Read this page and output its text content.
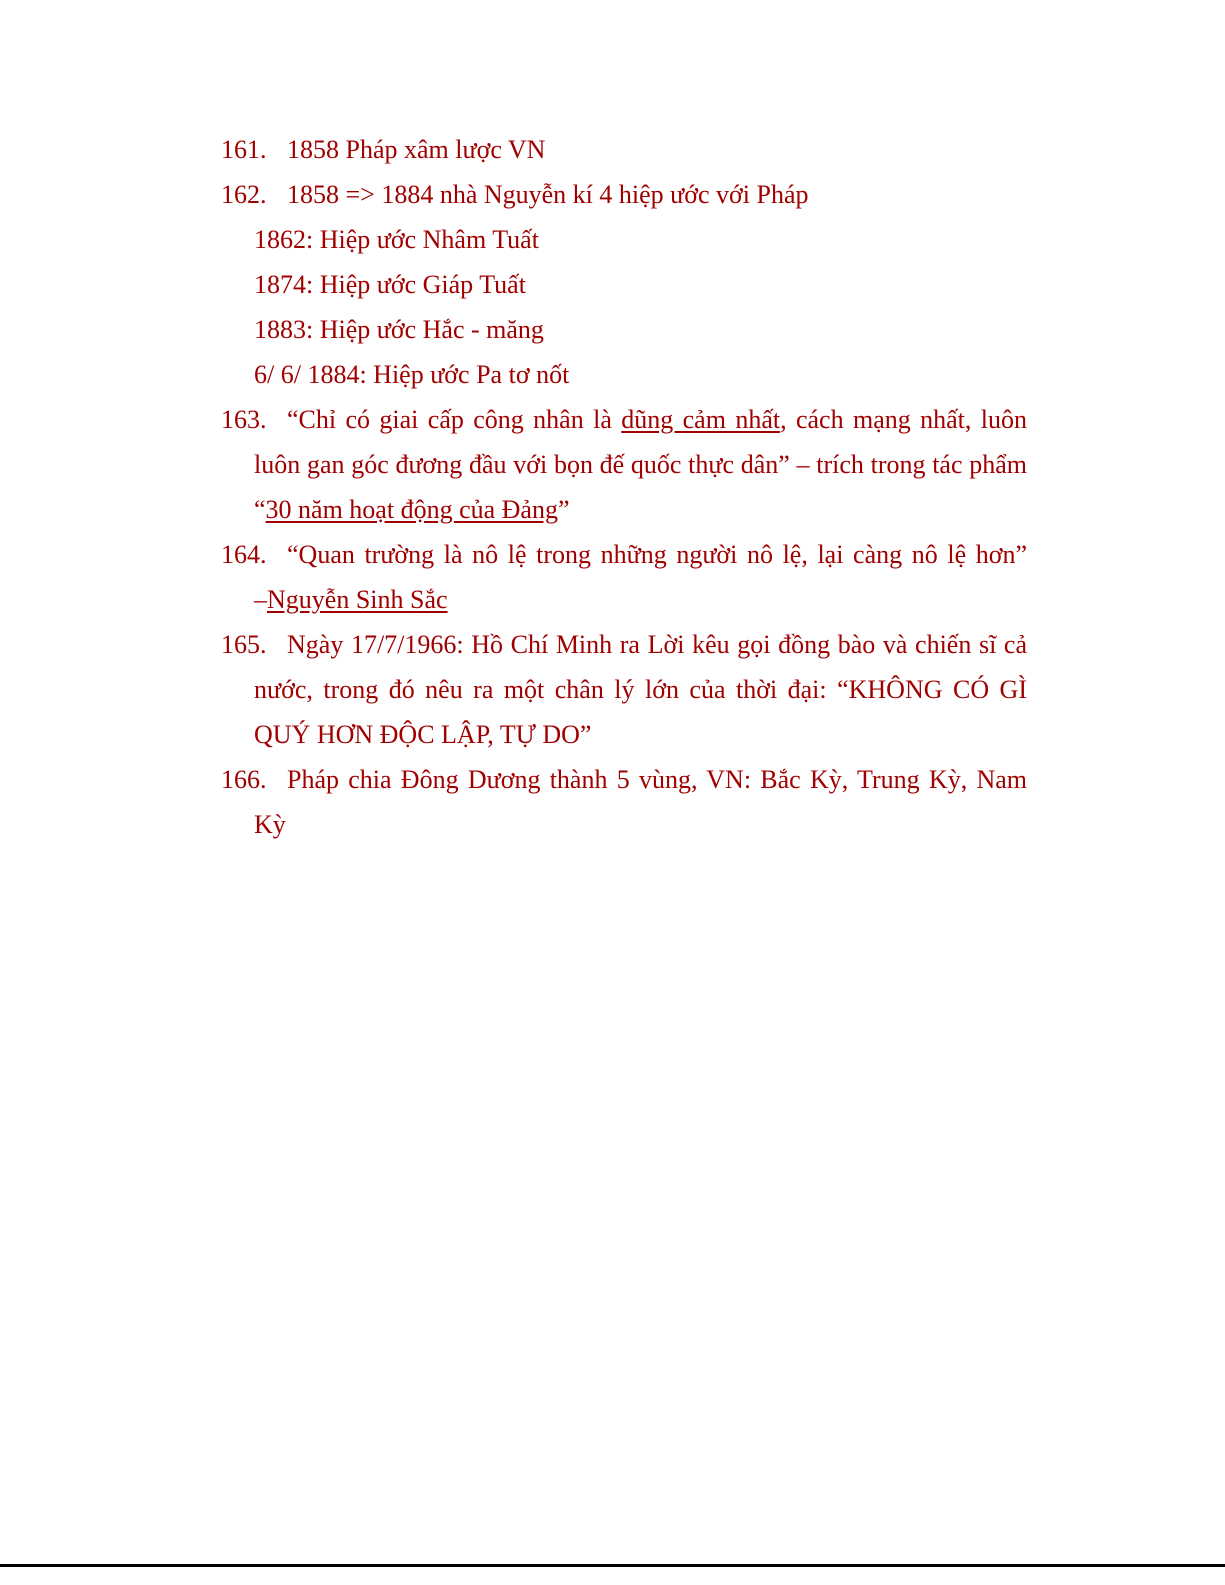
161. 1858 Pháp xâm lược VN
162. 1858 => 1884 nhà Nguyễn kí 4 hiệp ước với Pháp
1862: Hiệp ước Nhâm Tuất
1874: Hiệp ước Giáp Tuất
1883: Hiệp ước Hắc - măng
6/ 6/ 1884: Hiệp ước Pa tơ nốt
163. “Chỉ có giai cấp công nhân là dũng cảm nhất, cách mạng nhất, luôn
luôn gan góc đương đầu với bọn đế quốc thực dân” – trích trong tác phẩm
“30 năm hoạt động của Đảng”
164. “Quan trường là nô lệ trong những người nô lệ, lại càng nô lệ hơn”
–Nguyễn Sinh Sắc
165. Ngày 17/7/1966: Hồ Chí Minh ra Lời kêu gọi đồng bào và chiến sĩ cả
nước, trong đó nêu ra một chân lý lớn của thời đại: “KHÔNG CÓ GÌ
QUÝ HƠN ĐỘC LẬP, TỰ DO”
166. Pháp chia Đông Dương thành 5 vùng, VN: Bắc Kỳ, Trung Kỳ, Nam
Kỳ
